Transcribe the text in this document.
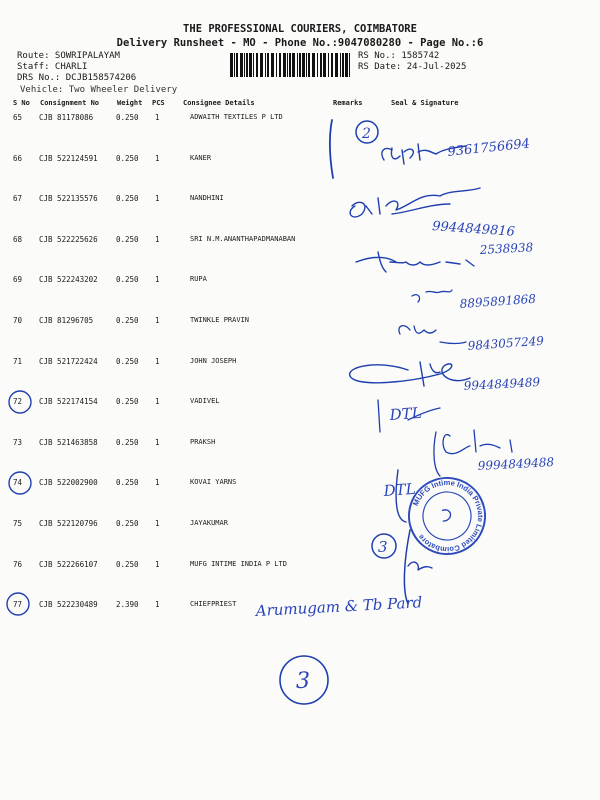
THE PROFESSIONAL COURIERS, COIMBATORE
Delivery Runsheet - MO - Phone No.:9047080280 - Page No.:6
Route: SOWRIPALAYAM
Staff: CHARLI
DRS No.: DCJB158574206
Vehicle: Two Wheeler Delivery
RS No.: 1585742
RS Date: 24-Jul-2025
S No Consignment No	Weight PCS	Consignee Details	Remarks	Seal & Signature
65 CJB 81178086	0.250 1	ADWAITH TEXTILES P LTD
66 CJB 522124591 0.250 1	KANER
67 CJB 522135576 0.250 1	NANDHINI
68 CJB 522225626 0.250 1	SRI N.M.ANANTHAPADMANABAN
69 CJB 522243202 0.250 1	RUPA
70 CJB 81296705	0.250 1	TWINKLE PRAVIN
71 CJB 521722424 0.250 1	JOHN JOSEPH
72 CJB 522174154 0.250 1	VADIVEL
73 CJB 521463858 0.250 1	PRAKSH
74 CJB 522002900 0.250 1	KOVAI YARNS
75 CJB 522120796 0.250 1	JAYAKUMAR
76 CJB 522266107 0.250 1	MUFG INTIME INDIA P LTD
77 CJB 522230489 2.390 1	CHIEFPRIEST
2
9361756694
9944849816
2538938
8895891868
9843057249
9944849489
DTL
9994849488
DTL
3
Arumugam & Tb Pard
3
MUFG Intime India Private Limited Coimbatore
